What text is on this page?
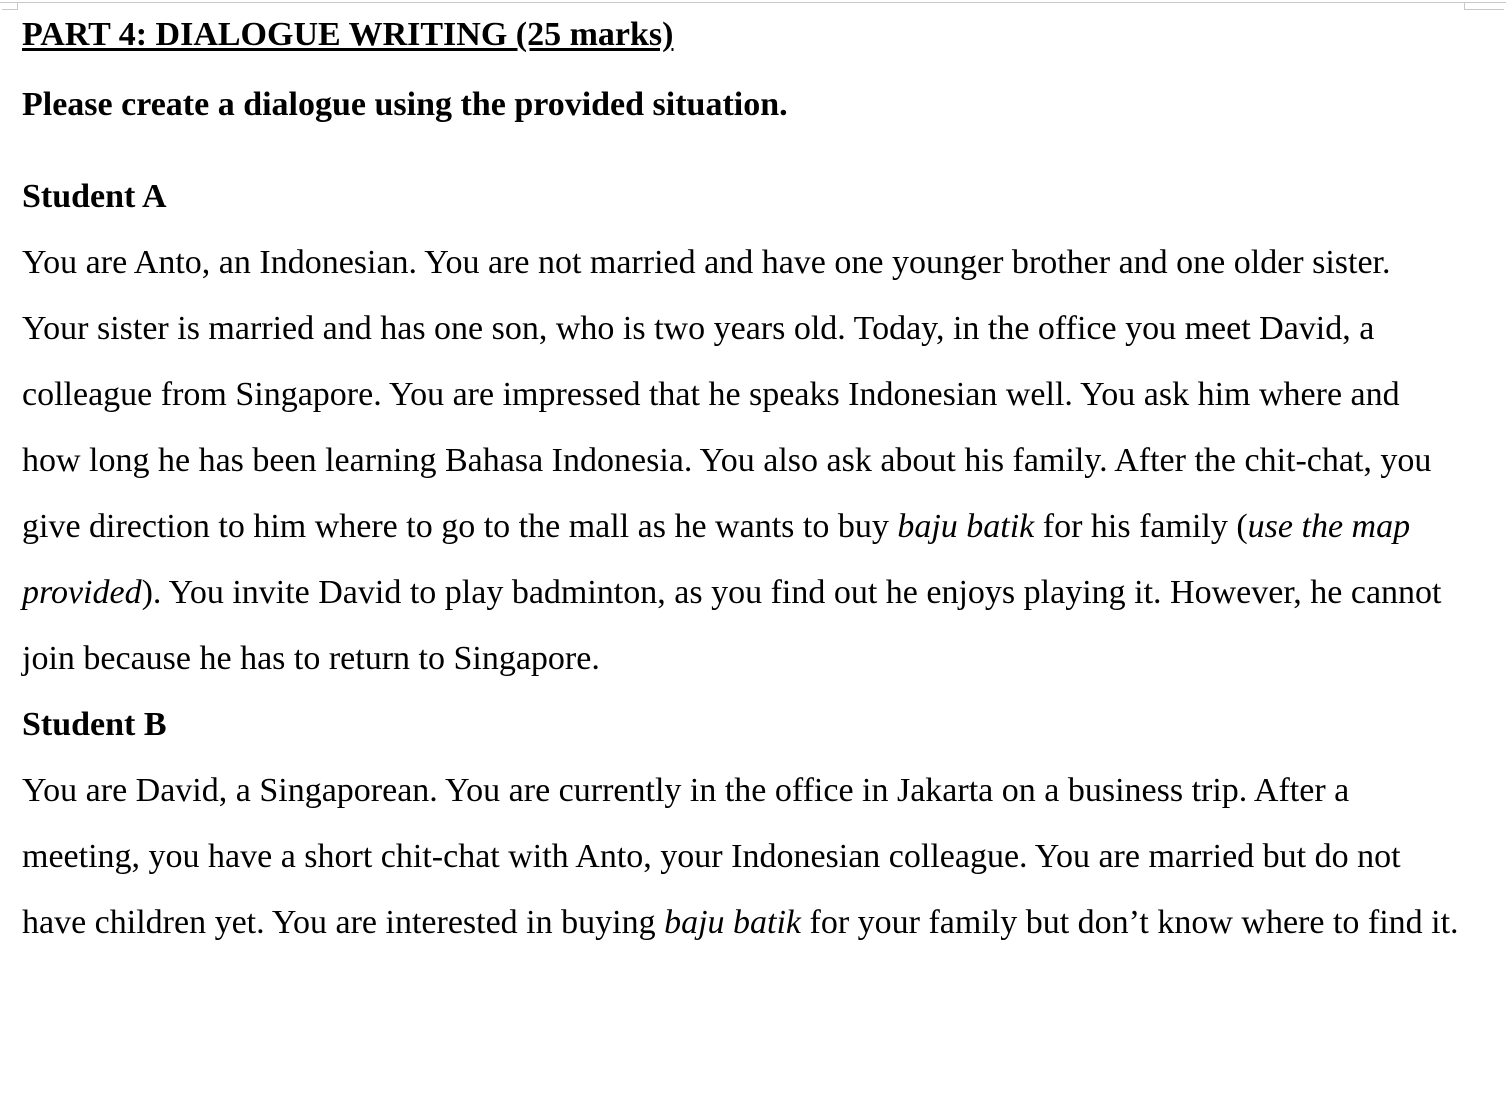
PART 4: DIALOGUE WRITING (25 marks)

Please create a dialogue using the provided situation.

Student A

You are Anto, an Indonesian. You are not married and have one younger brother and one older sister. Your sister is married and has one son, who is two years old. Today, in the office you meet David, a colleague from Singapore. You are impressed that he speaks Indonesian well. You ask him where and how long he has been learning Bahasa Indonesia. You also ask about his family. After the chit-chat, you give direction to him where to go to the mall as he wants to buy baju batik for his family (use the map provided). You invite David to play badminton, as you find out he enjoys playing it. However, he cannot join because he has to return to Singapore.

Student B

You are David, a Singaporean. You are currently in the office in Jakarta on a business trip. After a meeting, you have a short chit-chat with Anto, your Indonesian colleague. You are married but do not have children yet. You are interested in buying baju batik for your family but don’t know where to find it.
